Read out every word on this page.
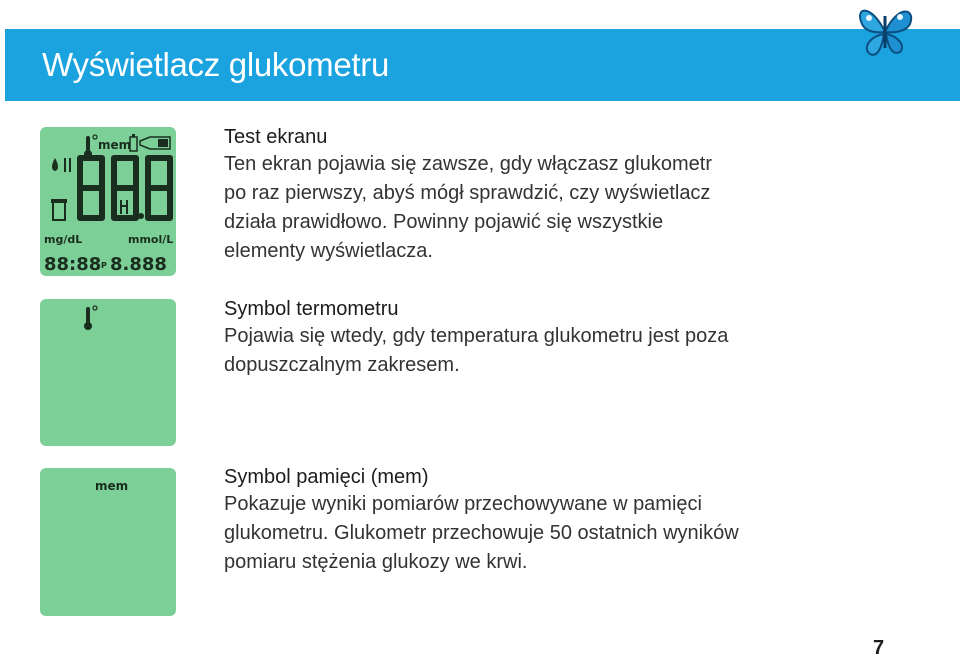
Wyświetlacz glukometru
mem
mg/dL	mmol/L
88:88 P 8.888
mem
Test ekranu

Ten ekran pojawia się zawsze, gdy włączasz glukometr

po raz pierwszy, abyś mógł sprawdzić, czy wyświetlacz

działa prawidłowo. Powinny pojawić się wszystkie

elementy wyświetlacza.

Symbol termometru

Pojawia się wtedy, gdy temperatura glukometru jest poza

dopuszczalnym zakresem.

Symbol pamięci (mem)

Pokazuje wyniki pomiarów przechowywane w pamięci

glukometru. Glukometr przechowuje 50 ostatnich wyników

pomiaru stężenia glukozy we krwi.

7
